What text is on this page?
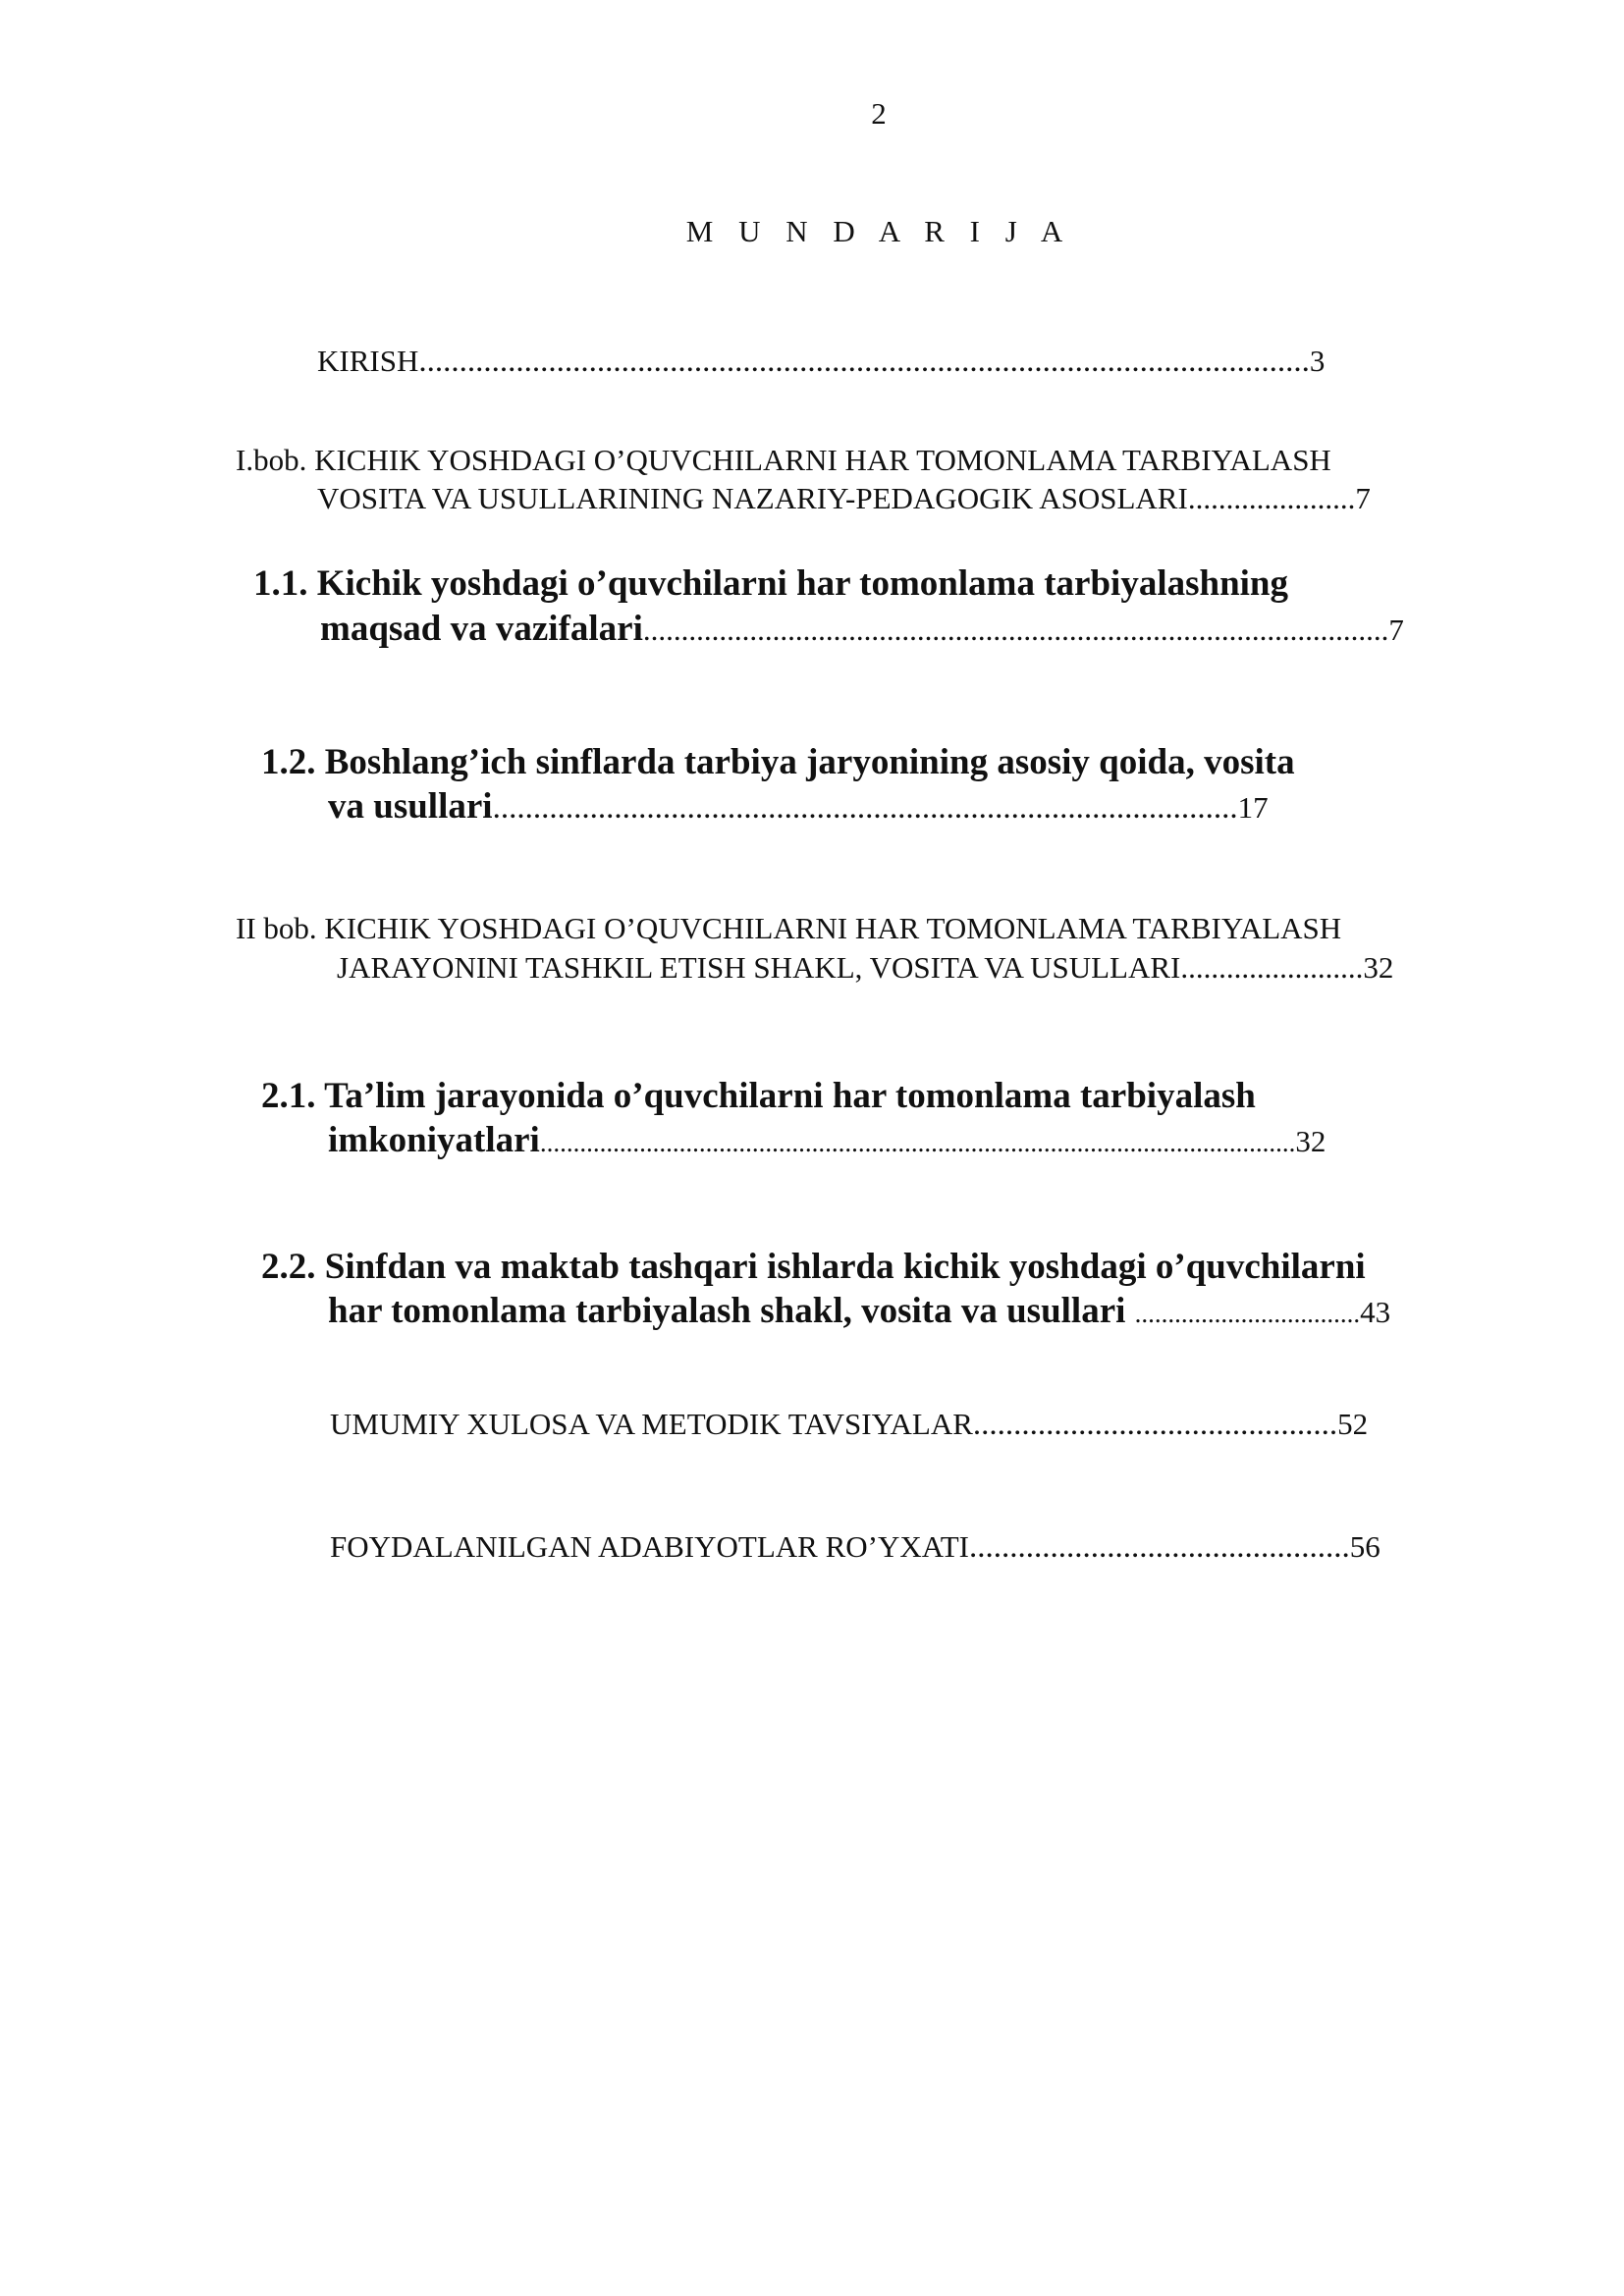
2
M U N D A R I J A
KIRISH..............................................................................................................3
I.bob. KICHIK YOSHDAGI O’QUVCHILARNI HAR TOMONLAMA TARBIYALASH
VOSITA VA USULLARINING NAZARIY-PEDAGOGIK ASOSLARI......................7
1.1. Kichik yoshdagi o’quvchilarni har tomonlama tarbiyalashning
maqsad va vazifalari..................................................................................................7
1.2. Boshlang’ich sinflarda tarbiya jaryonining asosiy qoida, vosita
va usullari............................................................................................17
II bob. KICHIK YOSHDAGI O’QUVCHILARNI HAR TOMONLAMA TARBIYALASH
JARAYONINI TASHKIL ETISH SHAKL, VOSITA VA USULLARI........................32
2.1. Ta’lim jarayonida o’quvchilarni har tomonlama tarbiyalash
imkoniyatlari..................................................................................................................32
2.2. Sinfdan va maktab tashqari ishlarda kichik yoshdagi o’quvchilarni
har tomonlama tarbiyalash shakl, vosita va usullari ..................................43
UMUMIY XULOSA VA METODIK TAVSIYALAR.............................................52
FOYDALANILGAN ADABIYOTLAR RO’YXATI...............................................56
